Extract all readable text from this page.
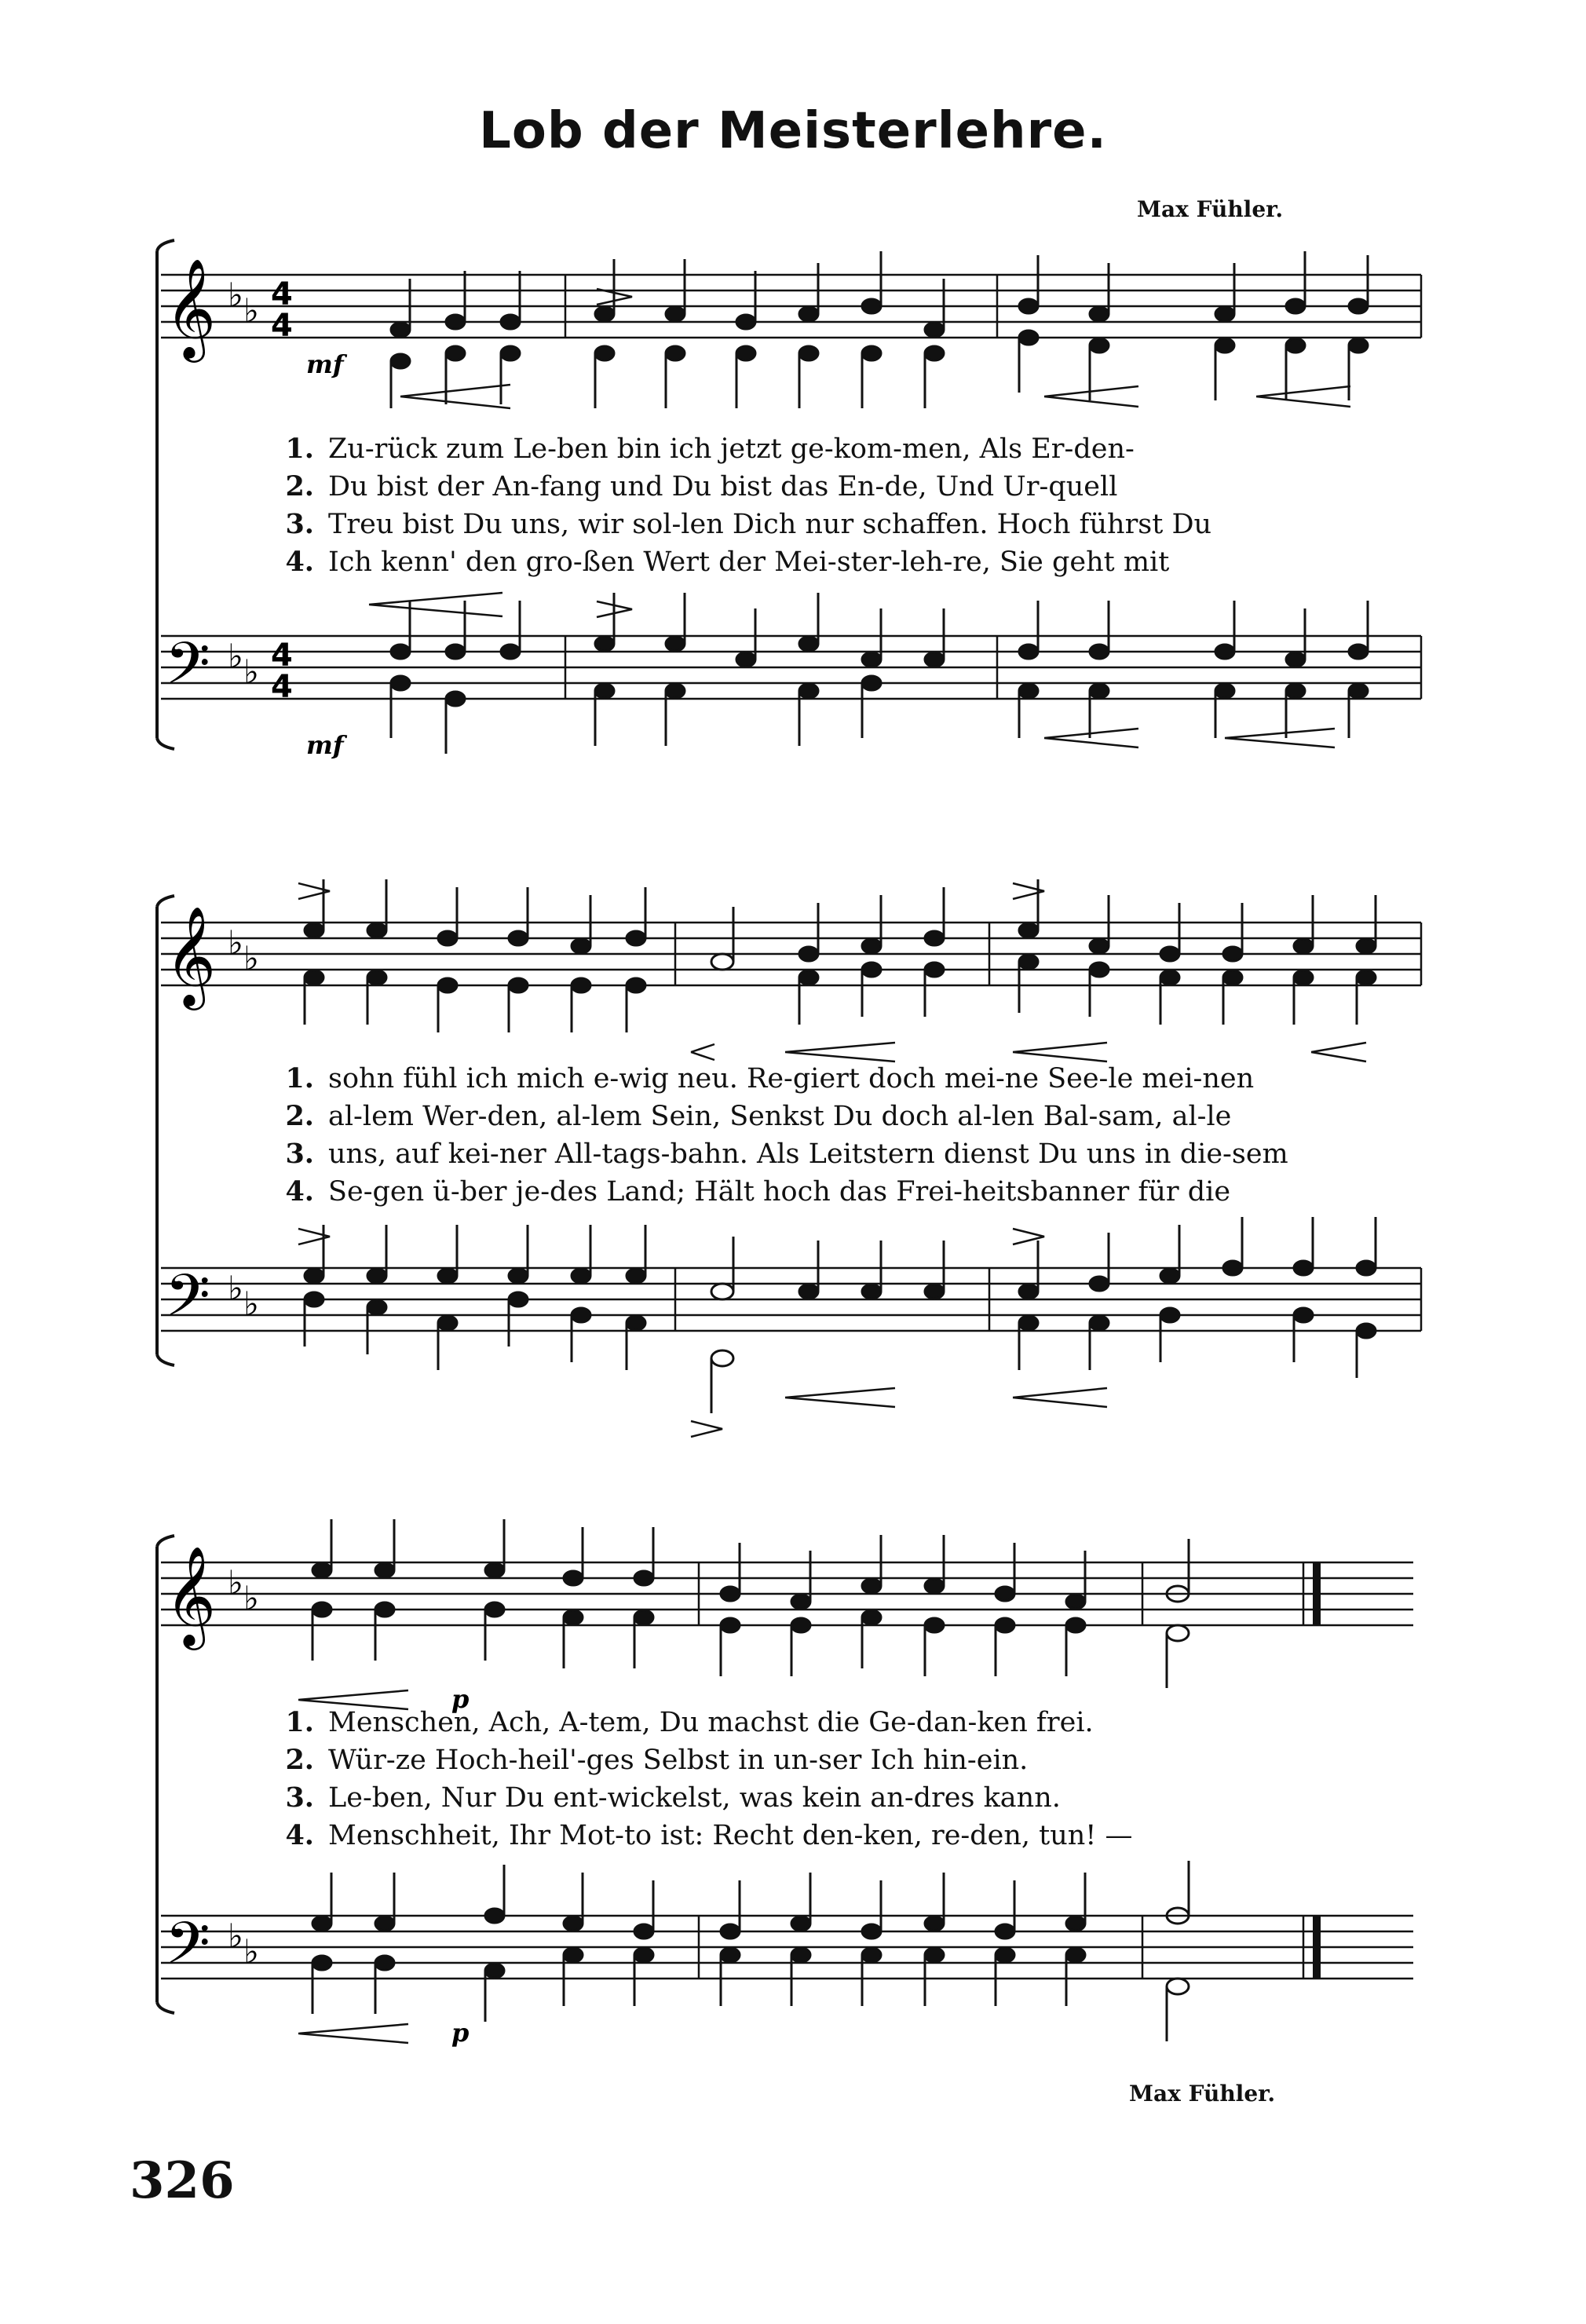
Lob der Meisterlehre.
Max Fühler.
𝄞
𝄢
♭ ♭
♭ ♭
4
4
4
4
mf
mf
1. Zu-rück zum Le-ben bin ich jetzt ge-kom-men, Als Er-den-
2. Du bist der An-fang und Du bist das En-de, Und Ur-quell
3. Treu bist Du uns, wir sol-len Dich nur schaffen. Hoch führst Du
4. Ich kenn' den gro-ßen Wert der Mei-ster-leh-re, Sie geht mit
𝄞
𝄢
♭ ♭
♭ ♭
1. sohn fühl ich mich e-wig neu. Re-giert doch mei-ne See-le mei-nen
2. al-lem Wer-den, al-lem Sein, Senkst Du doch al-len Bal-sam, al-le
3. uns, auf kei-ner All-tags-bahn. Als Leitstern dienst Du uns in die-sem
4. Se-gen ü-ber je-des Land; Hält hoch das Frei-heitsbanner für die
𝄞
𝄢
♭ ♭
♭ ♭
p
p
1. Menschen, Ach, A-tem, Du machst die Ge-dan-ken frei.
2. Wür-ze Hoch-heil'-ges Selbst in un-ser Ich hin-ein.
3. Le-ben, Nur Du ent-wickelst, was kein an-dres kann.
4. Menschheit, Ihr Mot-to ist: Recht den-ken, re-den, tun! —
Max Fühler.
326
